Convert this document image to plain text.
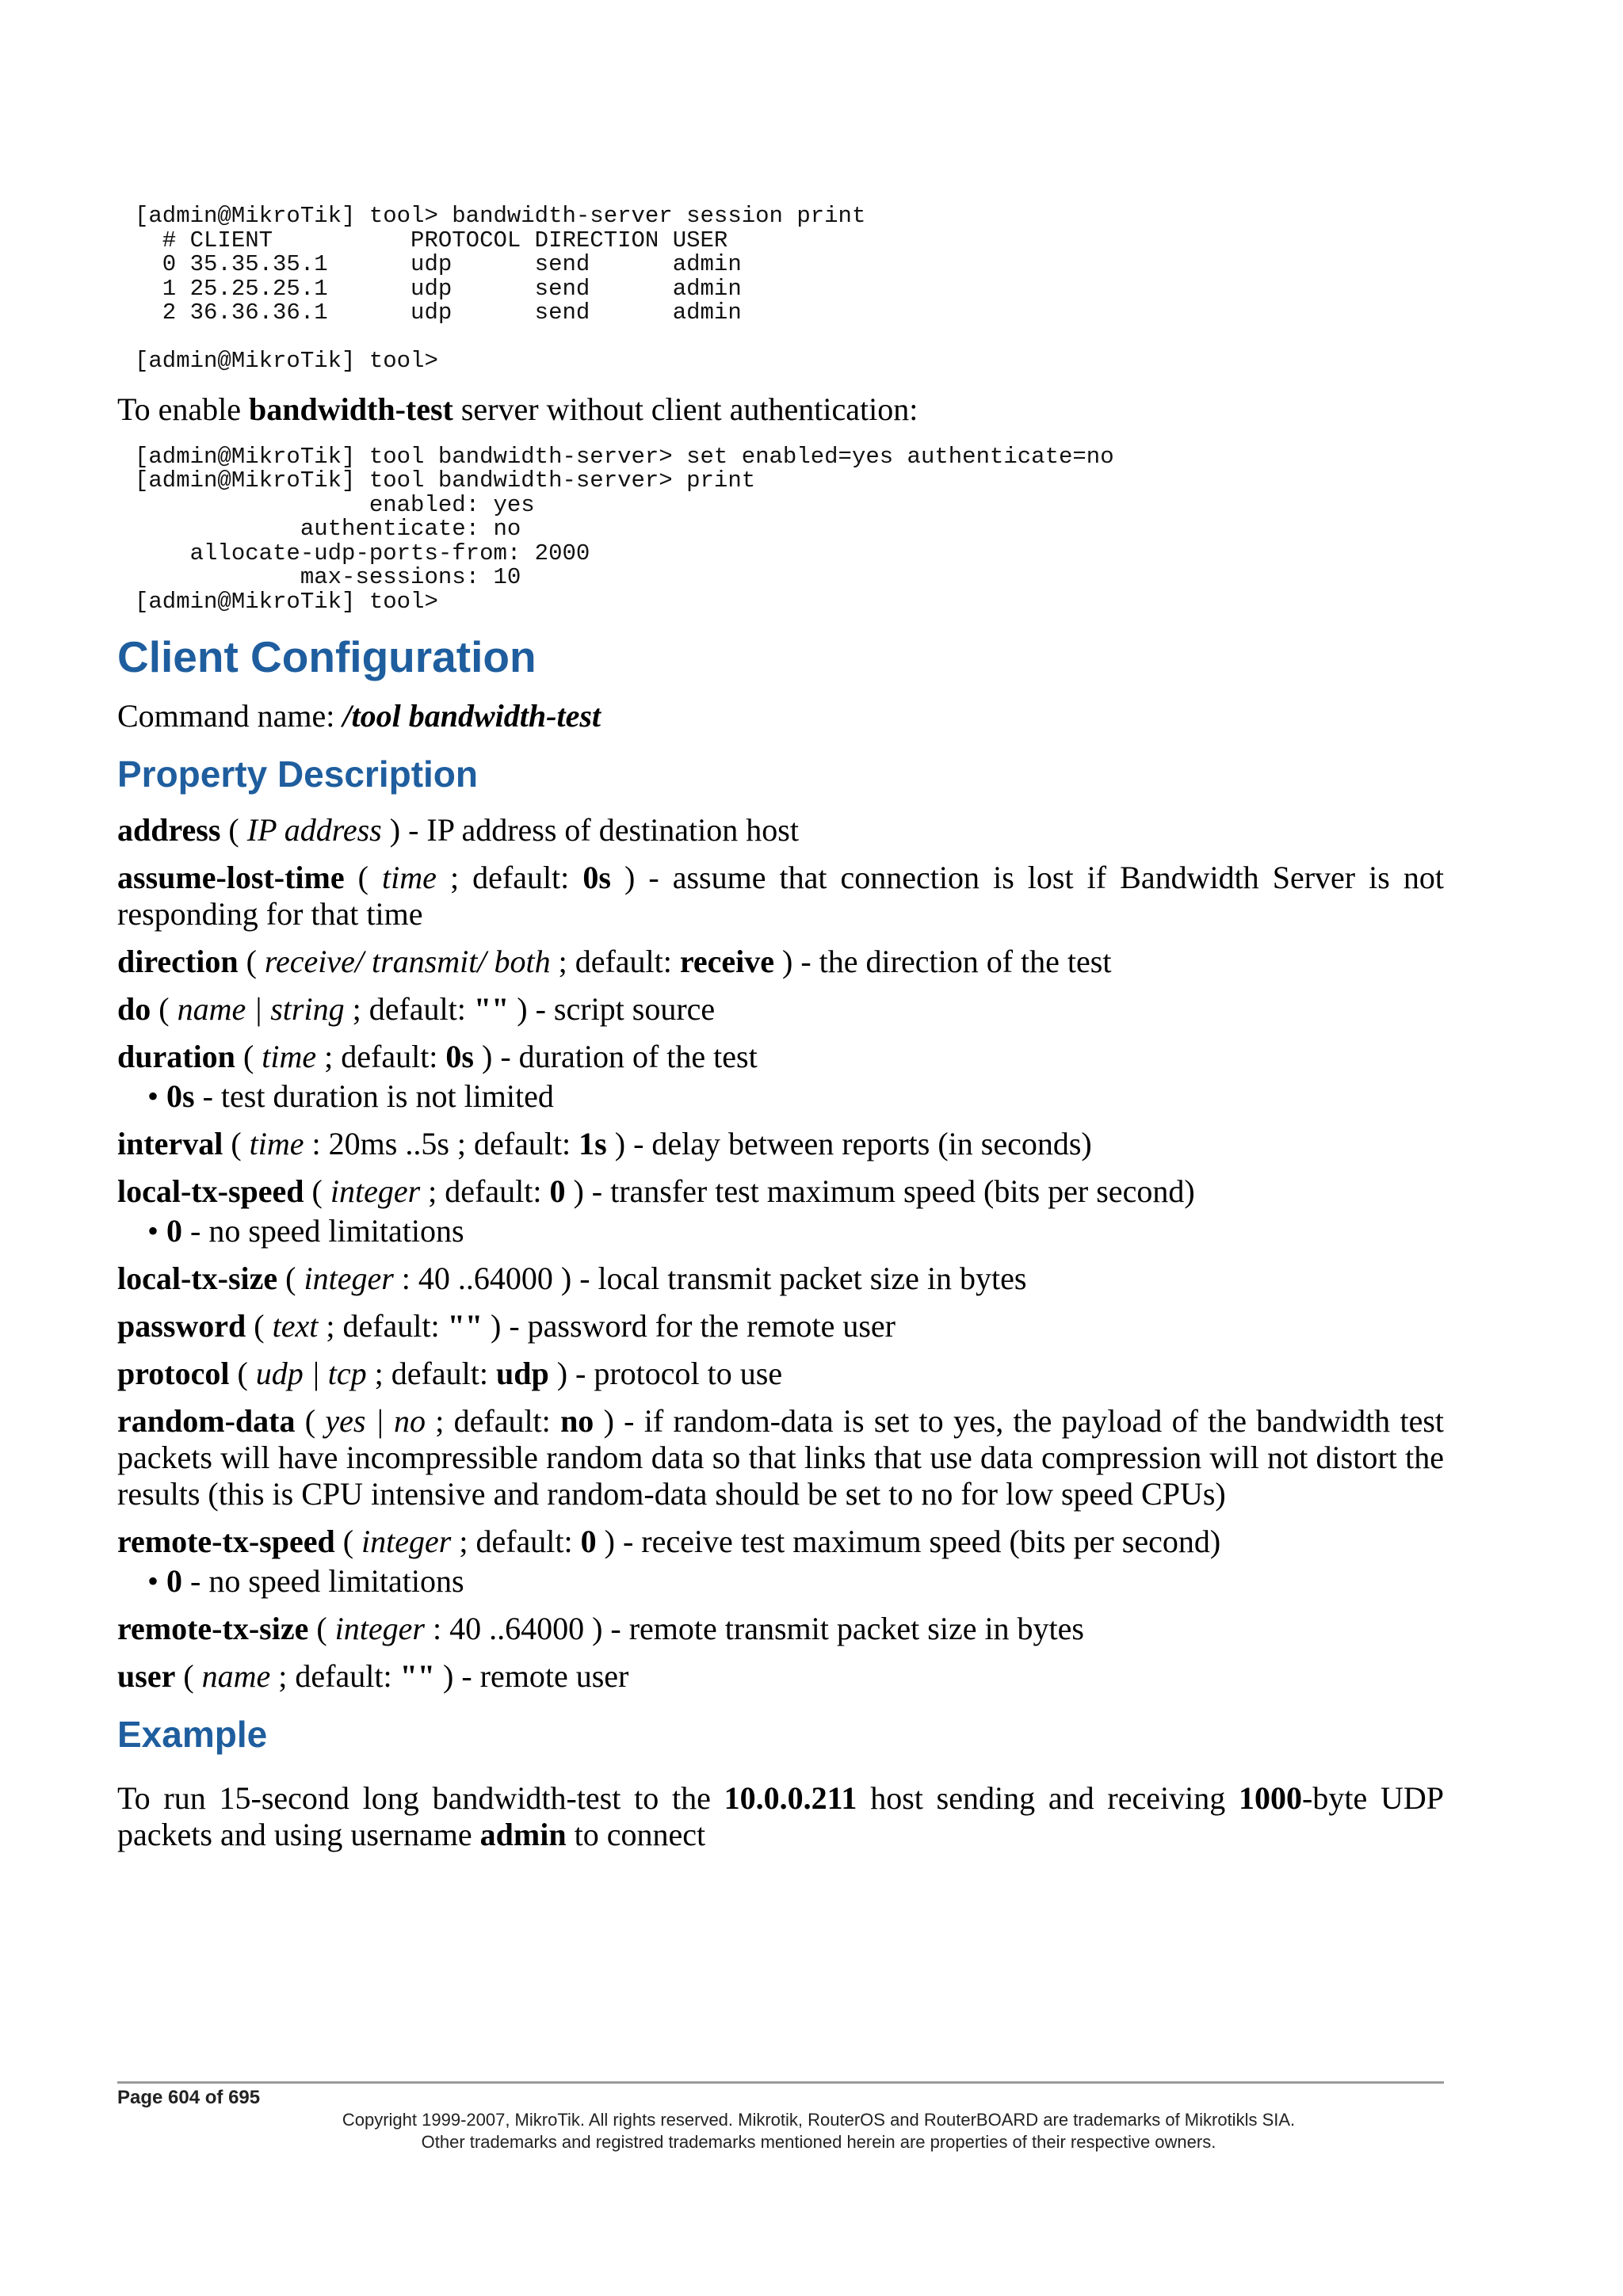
[admin@MikroTik] tool> bandwidth-server session print
# CLIENT          PROTOCOL DIRECTION USER
0 35.35.35.1      udp      send      admin
1 25.25.25.1      udp      send      admin
2 36.36.36.1      udp      send      admin

[admin@MikroTik] tool>

To enable bandwidth-test server without client authentication:

[admin@MikroTik] tool bandwidth-server> set enabled=yes authenticate=no
[admin@MikroTik] tool bandwidth-server> print
enabled: yes
authenticate: no
allocate-udp-ports-from: 2000
max-sessions: 10
[admin@MikroTik] tool>
Client Configuration

Command name: /tool bandwidth-test

Property Description

address ( IP address ) - IP address of destination host

assume-lost-time ( time ; default: 0s ) - assume that connection is lost if Bandwidth Server is not responding for that time

direction ( receive/ transmit/ both ; default: receive ) - the direction of the test

do ( name | string ; default: "" ) - script source

duration ( time ; default: 0s ) - duration of the test

• 0s - test duration is not limited

interval ( time : 20ms ..5s ; default: 1s ) - delay between reports (in seconds)

local-tx-speed ( integer ; default: 0 ) - transfer test maximum speed (bits per second)

• 0 - no speed limitations

local-tx-size ( integer : 40 ..64000 ) - local transmit packet size in bytes

password ( text ; default: "" ) - password for the remote user

protocol ( udp | tcp ; default: udp ) - protocol to use

random-data ( yes | no ; default: no ) - if random-data is set to yes, the payload of the bandwidth test packets will have incompressible random data so that links that use data compression will not distort the results (this is CPU intensive and random-data should be set to no for low speed CPUs)

remote-tx-speed ( integer ; default: 0 ) - receive test maximum speed (bits per second)

• 0 - no speed limitations

remote-tx-size ( integer : 40 ..64000 ) - remote transmit packet size in bytes

user ( name ; default: "" ) - remote user

Example

To run 15-second long bandwidth-test to the 10.0.0.211 host sending and receiving 1000-byte UDP packets and using username admin to connect

Page 604 of 695
Copyright 1999-2007, MikroTik. All rights reserved. Mikrotik, RouterOS and RouterBOARD are trademarks of Mikrotikls SIA.
Other trademarks and registred trademarks mentioned herein are properties of their respective owners.
